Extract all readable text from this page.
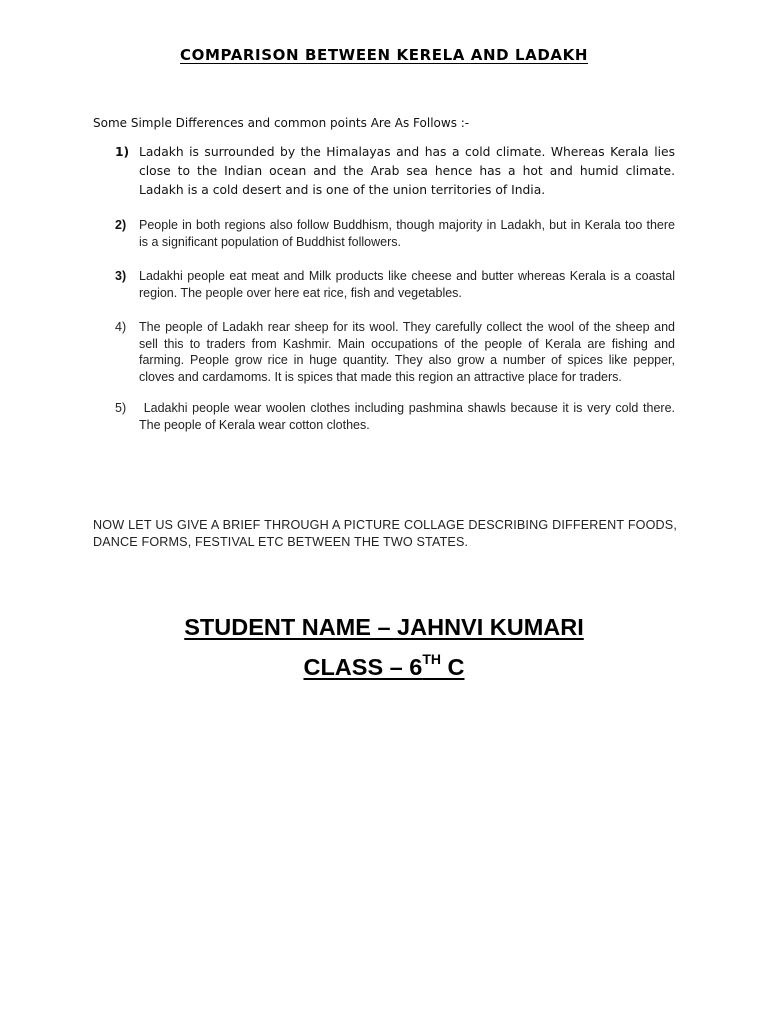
COMPARISON BETWEEN KERELA AND LADAKH
Some Simple Differences and common points Are As Follows :-
1) Ladakh is surrounded by the Himalayas and has a cold climate. Whereas Kerala lies close to the Indian ocean and the Arab sea hence has a hot and humid climate. Ladakh is a cold desert and is one of the union territories of India.
2) People in both regions also follow Buddhism, though majority in Ladakh, but in Kerala too there is a significant population of Buddhist followers.
3) Ladakhi people eat meat and Milk products like cheese and butter whereas Kerala is a coastal region. The people over here eat rice, fish and vegetables.
4) The people of Ladakh rear sheep for its wool. They carefully collect the wool of the sheep and sell this to traders from Kashmir. Main occupations of the people of Kerala are fishing and farming. People grow rice in huge quantity. They also grow a number of spices like pepper, cloves and cardamoms. It is spices that made this region an attractive place for traders.
5) Ladakhi people wear woolen clothes including pashmina shawls because it is very cold there. The people of Kerala wear cotton clothes.
NOW LET US GIVE A BRIEF THROUGH A PICTURE COLLAGE DESCRIBING DIFFERENT FOODS, DANCE FORMS, FESTIVAL ETC BETWEEN THE TWO STATES.
STUDENT NAME – JAHNVI KUMARI
CLASS – 6TH C
